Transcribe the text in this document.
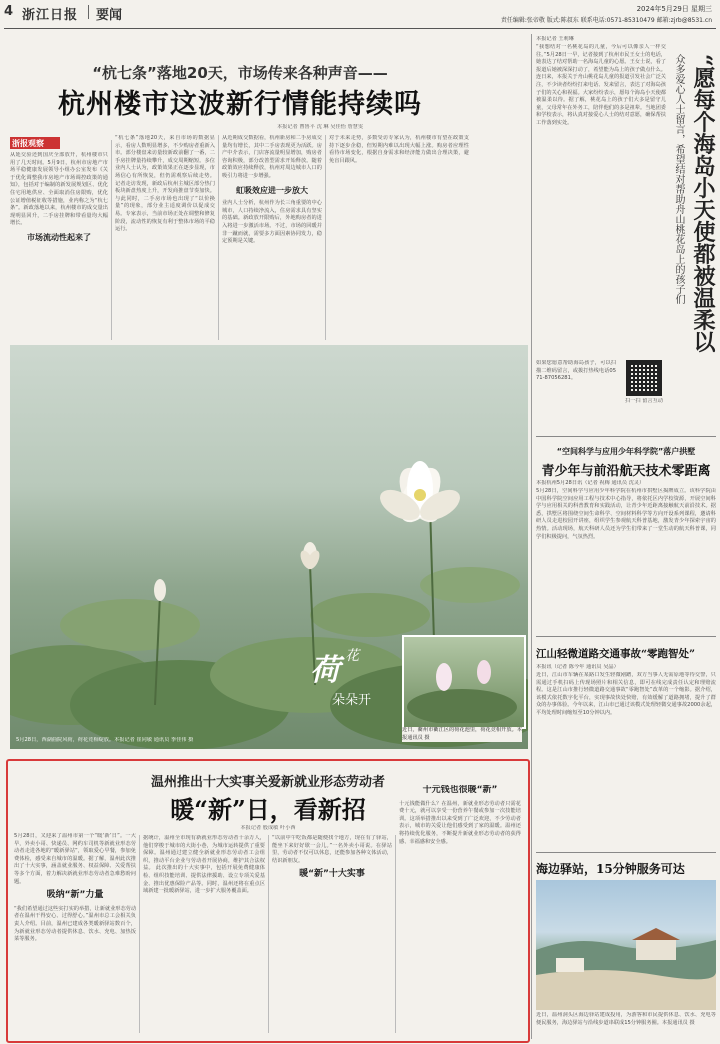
4 浙江日报 要闻	2024年5月29日 星期三
责任编辑:张帝敬 版式:陈叔东 联系电话:0571-85310479 邮箱:zjrb@8531.cn
“杭七条”落地20天，市场传来各种声音——
杭州楼市这波新行情能持续吗
本报记者 曹鲁平 沈 琳 吴佳怡 詹慧雯
浙报观察
从延交验还到国庆全部放开，杭州楼市只用了几天时间。5月9日，杭州市房地产市场平稳健康发展领导小组办公室发布《关于优化调整我市房地产市场调控政策的通知》，包括对于编制的新发展规划区、优化住宅用地供应、全面取消住房限购，优化公证增值税征收等措施，业内称之为“杭七条”。新政落地以来，杭州楼市的成交量出现明显回升，二手房挂牌和带看量均大幅增长。
市场流动性起来了
“杭七条”落地20天，来自市场的数据显示，看房人数明显增多，不少购房者重新入市。部分楼盘来访量较新政前翻了一番，二手房挂牌量持续攀升，成交周期缩短。多位业内人士认为，政策效果正在逐步显现，市场信心有所恢复，但仍需观察后续走势。 记者走访发现，新政后杭州主城区部分热门板块新盘热度上升，开发商推盘节奏加快。与此同时，二手房市场也出现了“以价换量”的现象，部分业主适度调价以促成交易。专家表示，当前市场正处在调整和修复阶段，流动性的恢复有利于整体市场的平稳运行。
从近期成交数据看，杭州新房和二手房成交量均有增长，其中二手房表现更为活跃。房产中介表示，门店客流量明显增加，购房者咨询积极，部分改善型需求开始释放。随着政策效应持续释放，杭州对周边城市人口的吸引力将进一步增强。
虹吸效应进一步放大
业内人士分析，杭州作为长三角重要的中心城市，人口持续净流入，住房需求具有坚实的基础。新政放开限购后，外地购房者的进入将进一步激活市场。不过，市场的回暖并非一蹴而就，需要多方面因素协同发力，稳定预期是关键。
对于未来走势，多数受访专家认为，杭州楼市有望在政策支持下逐步企稳，但短期内难以出现大幅上涨。购房者应理性看待市场变化，根据自身需求和经济能力做出合理决策，避免盲目跟风。
荷 花
朵朵开
近日，衢州市衢江区的荷花池里，荷花竞相开放。本报通讯员 摄
5月28日，西湖曲院风荷，荷花竞相绽放。本报记者 崔同敏 通讯员 季佳伟 摄
温州推出十大实事关爱新就业形态劳动者
暖“新”日，看新招
本报记者 殷成敏 叶小西
5月28日，又迎来了温州市第一个“暖‘新’日”。一大早，外卖小哥、快递员、网约车司机等新就业形态劳动者走进各地的“暖新驿站”，领取爱心早餐，参加免费体检，感受来自城市的温暖。据了解，温州此次推出了十大实事，涵盖就业服务、权益保障、关爱帮扶等多个方面，着力解决新就业形态劳动者急难愁盼问题。
吸纳“新”力量
“我们希望通过这些实打实的举措，让新就业形态劳动者在温州干得安心、过得舒心。”温州市总工会相关负责人介绍。目前，温州已建成各类暖新驿站数百个，为新就业形态劳动者提供休息、饮水、充电、加热饭菜等服务。
据统计，温州全市现有新就业形态劳动者十余万人，他们穿梭于城市的大街小巷，为城市运转提供了重要保障。温州通过建立健全新就业形态劳动者工会组织，推动平台企业与劳动者开展协商，维护其合法权益。 此次推出的十大实事中，包括开展免费健康体检、组织技能培训、提供法律援助、设立专项关爱基金、推出优惠保险产品等。同时，温州还将在重点区域新建一批暖新驿站，进一步扩大服务覆盖面。
“以前中午吃饭都是随便找个地方，现在有了驿站，能坐下来好好歇一会儿。”一名外卖小哥说。在驿站里，劳动者不仅可以休息，还能参加各种文体活动，结识新朋友。
暖“新”十大实事
十元钱也很暖“新”
十元钱能做什么？在温州，新就业形态劳动者只需花费十元，就可以享受一份营养午餐或参加一次技能培训。这项举措推出以来受到了广泛欢迎，不少劳动者表示，城市的关爱让他们感受到了家的温暖。温州还将持续优化服务，不断提升新就业形态劳动者的获得感、幸福感和安全感。
本报记者 王莉琳
“我想结对一名桃花岛的儿童，今后可以像亲人一样交往。”5月28日一早，记者接到了杭州市民王女士的电话，她表达了结对帮助一名海岛儿童的心愿。王女士说，看了报道后她被深深打动了，希望能为岛上的孩子做点什么。连日来，本报关于舟山桃花岛儿童的报道引发社会广泛关注，不少读者纷纷打来电话、发来留言，表达了对海岛孩子们的关心和祝福。大家纷纷表示，愿每个海岛小天使都被温柔以待。据了解，桃花岛上的孩子们大多是留守儿童，父母常年在外务工，陪伴他们的多是祖辈。当地团委和学校表示，将认真对接爱心人士的结对意愿，确保帮扶工作落到实处。
“愿每个海岛小天使都被温柔以
众多爱心人士留言，希望结对帮助舟山桃花岛上的孩子们
如果您愿意帮助海岛孩子，可以扫描二维码留言，或拨打热线电话0571-87056281。
扫一扫 留言互动
“空间科学与应用少年科学院”落户拱墅
青少年与前沿航天技术零距离
本报杭州5月28日讯（记者 祝梅 通讯员 沈灵）
5月28日，空间科学与应用少年科学院在杭州市拱墅区揭牌成立。该科学院由中国科学院空间应用工程与技术中心指导，将依托区内学校资源，开展空间科学与应用相关的科普教育和实践活动，让青少年近距离接触航天前沿技术。据悉，拱墅区将围绕空间生命科学、空间材料科学等方向开设系列课程，邀请科研人员走进校园开讲座，组织学生参观航天科普基地，激发青少年探索宇宙的热情。活动现场，航天科研人员还为学生们带来了一堂生动的航天科普课，同学们积极提问，气氛热烈。
江山轻微道路交通事故“零跑智处”
本报讯（记者 陈今年 通讯员 吴晶）
近日，江山市车辆在某路口发生轻微剐蹭，双方当事人无需原地等待交警，只需通过手机扫码上传现场照片和相关信息，即可在线完成责任认定和理赔流程。这是江山市推行轻微道路交通事故“零跑智处”改革的一个缩影。据介绍，该模式依托数字化平台，实现事故快处快赔，有效缓解了道路拥堵，提升了群众的办事体验。今年以来，江山市已通过该模式处理轻微交通事故2000余起，平均处理时间缩短至10分钟以内。
海边驿站，15分钟服务可达
近日，温州洞头区海边驿站建成投用，为游客和市民提供休息、饮水、充电等便民服务，海边驿站与沿线步道串联成15分钟服务圈。本报通讯员 摄
